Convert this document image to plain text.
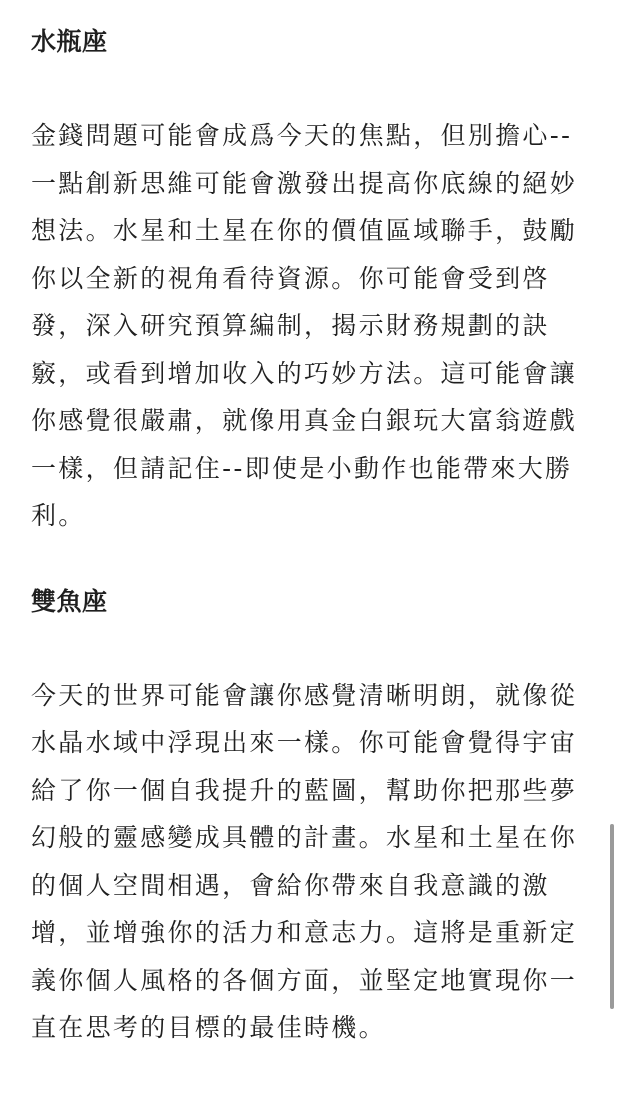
水瓶座

金錢問題可能會成爲今天的焦點，但別擔心--一點創新思維可能會激發出提高你底線的絕妙想法。水星和土星在你的價值區域聯手，鼓勵你以全新的視角看待資源。你可能會受到啓發，深入研究預算編制，揭示財務規劃的訣竅，或看到增加收入的巧妙方法。這可能會讓你感覺很嚴肅，就像用真金白銀玩大富翁遊戲一樣，但請記住--即使是小動作也能帶來大勝利。

雙魚座

今天的世界可能會讓你感覺清晰明朗，就像從水晶水域中浮現出來一樣。你可能會覺得宇宙給了你一個自我提升的藍圖，幫助你把那些夢幻般的靈感變成具體的計畫。水星和土星在你的個人空間相遇，會給你帶來自我意識的激增，並增強你的活力和意志力。這將是重新定義你個人風格的各個方面，並堅定地實現你一直在思考的目標的最佳時機。
